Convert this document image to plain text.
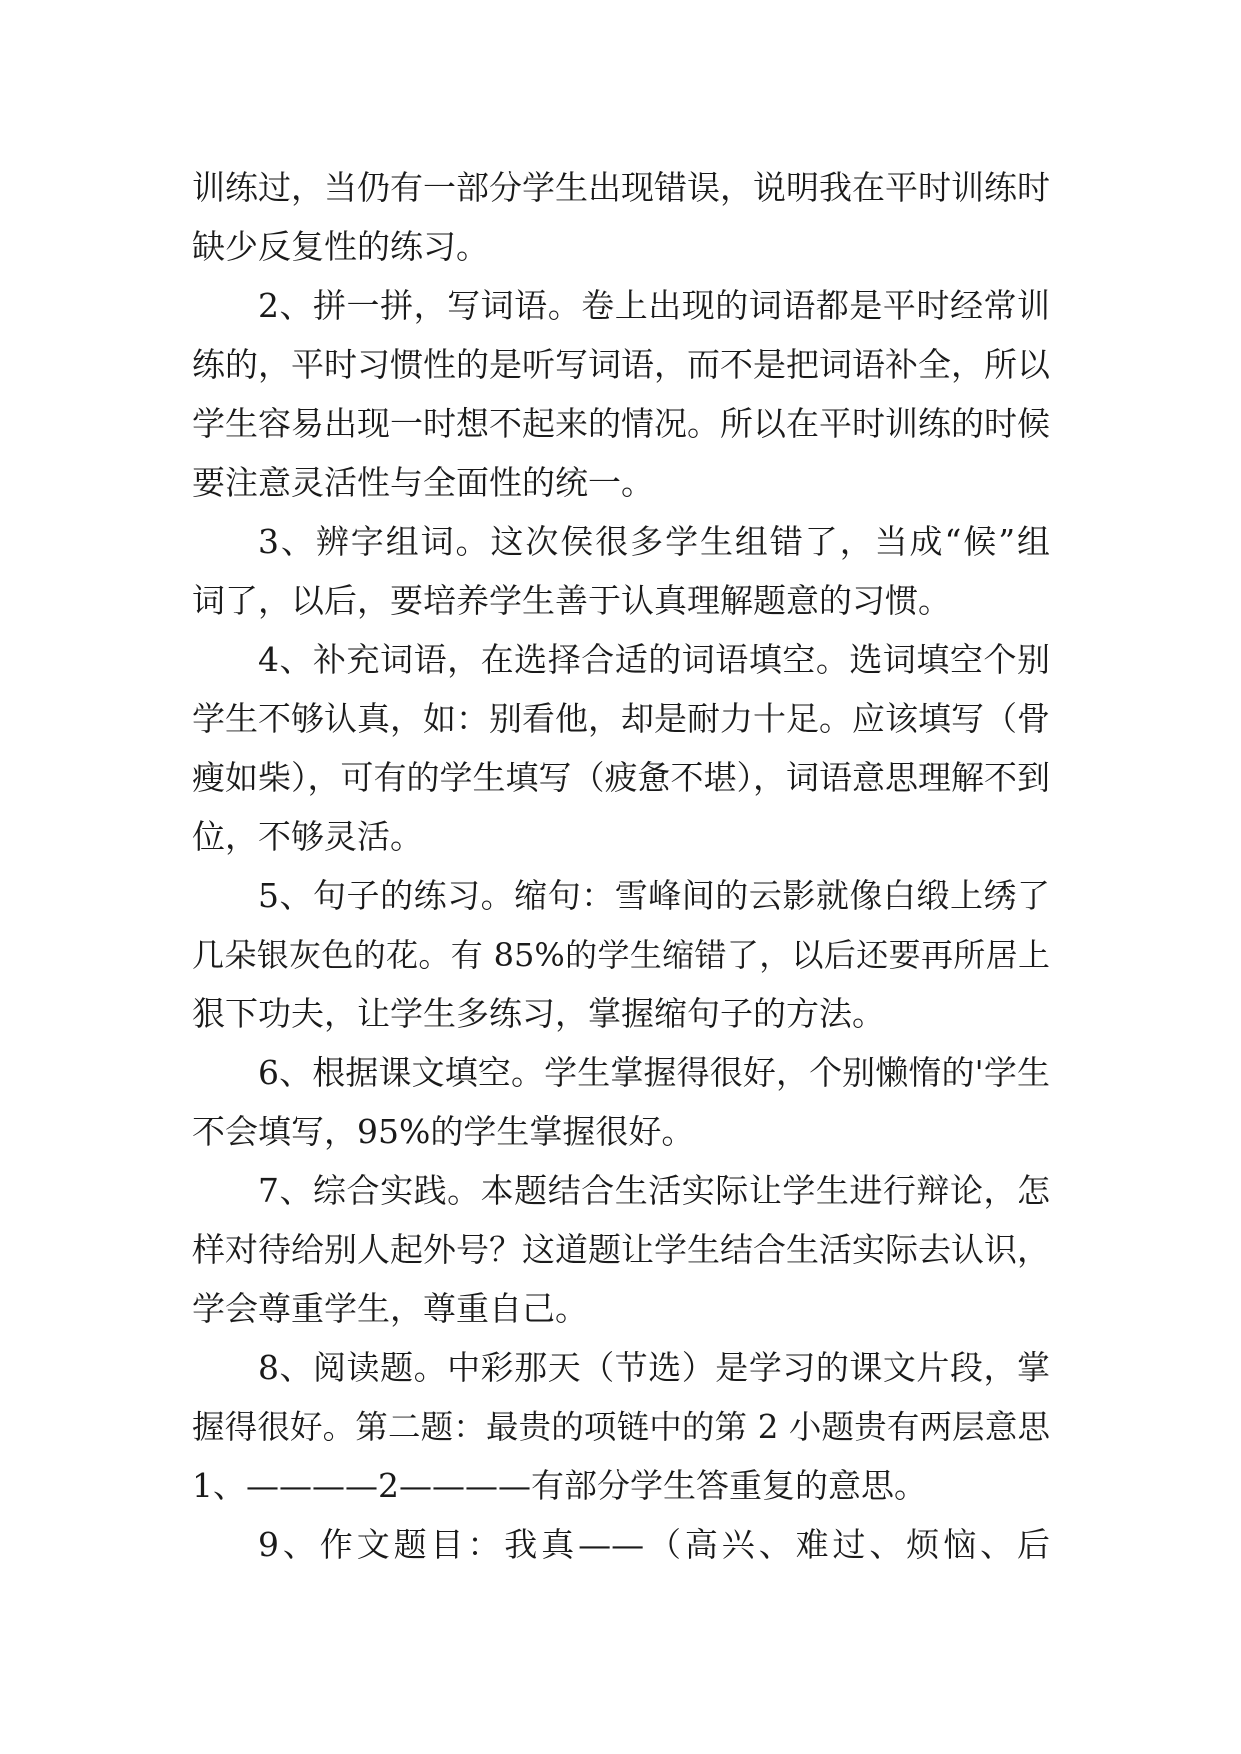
训练过，当仍有一部分学生出现错误，说明我在平时训练时
缺少反复性的练习。
2、拼一拼，写词语。卷上出现的词语都是平时经常训
练的，平时习惯性的是听写词语，而不是把词语补全，所以
学生容易出现一时想不起来的情况。所以在平时训练的时候
要注意灵活性与全面性的统一。
3、辨字组词。这次侯很多学生组错了，当成“候”组
词了，以后，要培养学生善于认真理解题意的习惯。
4、补充词语，在选择合适的词语填空。选词填空个别
学生不够认真，如：别看他，却是耐力十足。应该填写（骨
瘦如柴），可有的学生填写（疲惫不堪），词语意思理解不到
位，不够灵活。
5、句子的练习。缩句：雪峰间的云影就像白缎上绣了
几朵银灰色的花。有 85%的学生缩错了，以后还要再所居上
狠下功夫，让学生多练习，掌握缩句子的方法。
6、根据课文填空。学生掌握得很好，个别懒惰的'学生
不会填写，95%的学生掌握很好。
7、综合实践。本题结合生活实际让学生进行辩论，怎
样对待给别人起外号？这道题让学生结合生活实际去认识，
学会尊重学生，尊重自己。
8、阅读题。中彩那天（节选）是学习的课文片段，掌
握得很好。第二题：最贵的项链中的第 2 小题贵有两层意思
1、————2————有部分学生答重复的意思。
9、作文题目：我真——（高兴、难过、烦恼、后
